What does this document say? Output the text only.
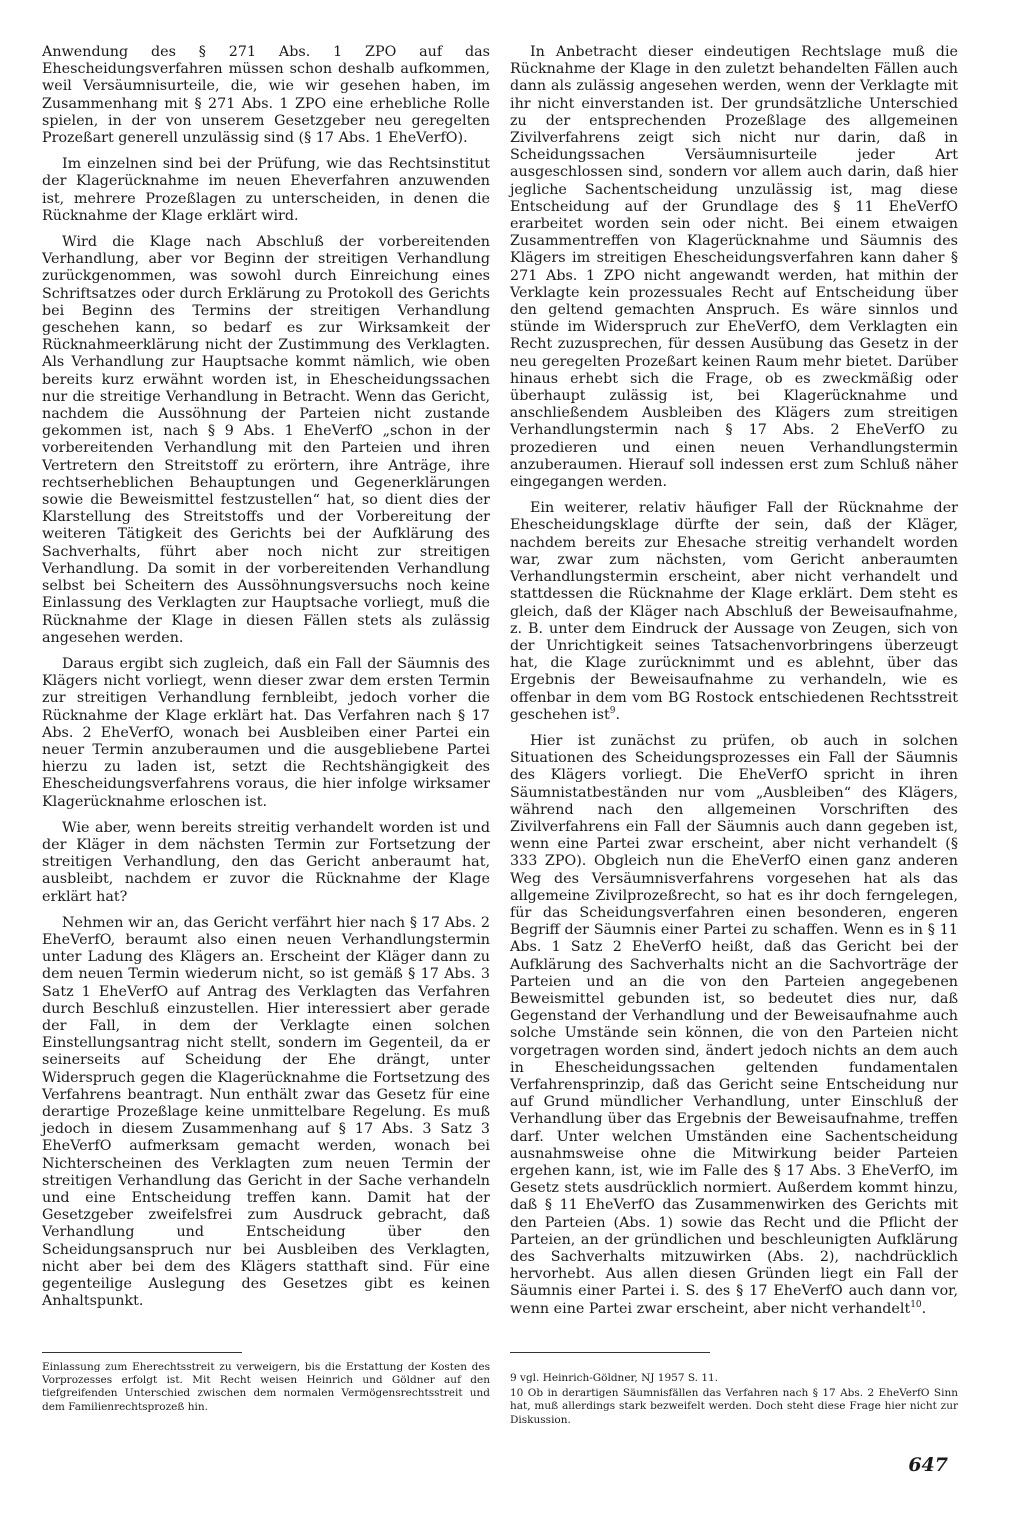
Anwendung des § 271 Abs. 1 ZPO auf das Ehescheidungsverfahren müssen schon deshalb aufkommen, weil Versäumnisurteile, die, wie wir gesehen haben, im Zusammenhang mit § 271 Abs. 1 ZPO eine erhebliche Rolle spielen, in der von unserem Gesetzgeber neu geregelten Prozeßart generell unzulässig sind (§ 17 Abs. 1 EheVerfO).

Im einzelnen sind bei der Prüfung, wie das Rechtsinstitut der Klagerücknahme im neuen Eheverfahren anzuwenden ist, mehrere Prozeßlagen zu unterscheiden, in denen die Rücknahme der Klage erklärt wird.

Wird die Klage nach Abschluß der vorbereitenden Verhandlung, aber vor Beginn der streitigen Verhandlung zurückgenommen, was sowohl durch Einreichung eines Schriftsatzes oder durch Erklärung zu Protokoll des Gerichts bei Beginn des Termins der streitigen Verhandlung geschehen kann, so bedarf es zur Wirksamkeit der Rücknahmeerklärung nicht der Zustimmung des Verklagten. Als Verhandlung zur Hauptsache kommt nämlich, wie oben bereits kurz erwähnt worden ist, in Ehescheidungssachen nur die streitige Verhandlung in Betracht. Wenn das Gericht, nachdem die Aussöhnung der Parteien nicht zustande gekommen ist, nach § 9 Abs. 1 EheVerfO „schon in der vorbereitenden Verhandlung mit den Parteien und ihren Vertretern den Streitstoff zu erörtern, ihre Anträge, ihre rechtserheblichen Behauptungen und Gegenerklärungen sowie die Beweismittel festzustellen“ hat, so dient dies der Klarstellung des Streitstoffs und der Vorbereitung der weiteren Tätigkeit des Gerichts bei der Aufklärung des Sachverhalts, führt aber noch nicht zur streitigen Verhandlung. Da somit in der vorbereitenden Verhandlung selbst bei Scheitern des Aussöhnungsversuchs noch keine Einlassung des Verklagten zur Hauptsache vorliegt, muß die Rücknahme der Klage in diesen Fällen stets als zulässig angesehen werden.

Daraus ergibt sich zugleich, daß ein Fall der Säumnis des Klägers nicht vorliegt, wenn dieser zwar dem ersten Termin zur streitigen Verhandlung fernbleibt, jedoch vorher die Rücknahme der Klage erklärt hat. Das Verfahren nach § 17 Abs. 2 EheVerfO, wonach bei Ausbleiben einer Partei ein neuer Termin anzuberaumen und die ausgebliebene Partei hierzu zu laden ist, setzt die Rechtshängigkeit des Ehescheidungsverfahrens voraus, die hier infolge wirksamer Klagerücknahme erloschen ist.

Wie aber, wenn bereits streitig verhandelt worden ist und der Kläger in dem nächsten Termin zur Fortsetzung der streitigen Verhandlung, den das Gericht anberaumt hat, ausbleibt, nachdem er zuvor die Rücknahme der Klage erklärt hat?

Nehmen wir an, das Gericht verfährt hier nach § 17 Abs. 2 EheVerfO, beraumt also einen neuen Verhandlungstermin unter Ladung des Klägers an. Erscheint der Kläger dann zu dem neuen Termin wiederum nicht, so ist gemäß § 17 Abs. 3 Satz 1 EheVerfO auf Antrag des Verklagten das Verfahren durch Beschluß einzustellen. Hier interessiert aber gerade der Fall, in dem der Verklagte einen solchen Einstellungsantrag nicht stellt, sondern im Gegenteil, da er seinerseits auf Scheidung der Ehe drängt, unter Widerspruch gegen die Klagerücknahme die Fortsetzung des Verfahrens beantragt. Nun enthält zwar das Gesetz für eine derartige Prozeßlage keine unmittelbare Regelung. Es muß jedoch in diesem Zusammenhang auf § 17 Abs. 3 Satz 3 EheVerfO aufmerksam gemacht werden, wonach bei Nichterscheinen des Verklagten zum neuen Termin der streitigen Verhandlung das Gericht in der Sache verhandeln und eine Entscheidung treffen kann. Damit hat der Gesetzgeber zweifelsfrei zum Ausdruck gebracht, daß Verhandlung und Entscheidung über den Scheidungsanspruch nur bei Ausbleiben des Verklagten, nicht aber bei dem des Klägers statthaft sind. Für eine gegenteilige Auslegung des Gesetzes gibt es keinen Anhaltspunkt.

In Anbetracht dieser eindeutigen Rechtslage muß die Rücknahme der Klage in den zuletzt behandelten Fällen auch dann als zulässig angesehen werden, wenn der Verklagte mit ihr nicht einverstanden ist. Der grundsätzliche Unterschied zu der entsprechenden Prozeßlage des allgemeinen Zivilverfahrens zeigt sich nicht nur darin, daß in Scheidungssachen Versäumnisurteile jeder Art ausgeschlossen sind, sondern vor allem auch darin, daß hier jegliche Sachentscheidung unzulässig ist, mag diese Entscheidung auf der Grundlage des § 11 EheVerfO erarbeitet worden sein oder nicht. Bei einem etwaigen Zusammentreffen von Klagerücknahme und Säumnis des Klägers im streitigen Ehescheidungsverfahren kann daher § 271 Abs. 1 ZPO nicht angewandt werden, hat mithin der Verklagte kein prozessuales Recht auf Entscheidung über den geltend gemachten Anspruch. Es wäre sinnlos und stünde im Widerspruch zur EheVerfO, dem Verklagten ein Recht zuzusprechen, für dessen Ausübung das Gesetz in der neu geregelten Prozeßart keinen Raum mehr bietet. Darüber hinaus erhebt sich die Frage, ob es zweckmäßig oder überhaupt zulässig ist, bei Klagerücknahme und anschließendem Ausbleiben des Klägers zum streitigen Verhandlungstermin nach § 17 Abs. 2 EheVerfO zu prozedieren und einen neuen Verhandlungstermin anzuberaumen. Hierauf soll indessen erst zum Schluß näher eingegangen werden.

Ein weiterer, relativ häufiger Fall der Rücknahme der Ehescheidungsklage dürfte der sein, daß der Kläger, nachdem bereits zur Ehesache streitig verhandelt worden war, zwar zum nächsten, vom Gericht anberaumten Verhandlungstermin erscheint, aber nicht verhandelt und stattdessen die Rücknahme der Klage erklärt. Dem steht es gleich, daß der Kläger nach Abschluß der Beweisaufnahme, z. B. unter dem Eindruck der Aussage von Zeugen, sich von der Unrichtigkeit seines Tatsachenvorbringens überzeugt hat, die Klage zurücknimmt und es ablehnt, über das Ergebnis der Beweisaufnahme zu verhandeln, wie es offenbar in dem vom BG Rostock entschiedenen Rechtsstreit geschehen ist$^9$.

Hier ist zunächst zu prüfen, ob auch in solchen Situationen des Scheidungsprozesses ein Fall der Säumnis des Klägers vorliegt. Die EheVerfO spricht in ihren Säumnistatbeständen nur vom „Ausbleiben“ des Klägers, während nach den allgemeinen Vorschriften des Zivilverfahrens ein Fall der Säumnis auch dann gegeben ist, wenn eine Partei zwar erscheint, aber nicht verhandelt (§ 333 ZPO). Obgleich nun die EheVerfO einen ganz anderen Weg des Versäumnisverfahrens vorgesehen hat als das allgemeine Zivilprozeßrecht, so hat es ihr doch ferngelegen, für das Scheidungsverfahren einen besonderen, engeren Begriff der Säumnis einer Partei zu schaffen. Wenn es in § 11 Abs. 1 Satz 2 EheVerfO heißt, daß das Gericht bei der Aufklärung des Sachverhalts nicht an die Sachvorträge der Parteien und an die von den Parteien angegebenen Beweismittel gebunden ist, so bedeutet dies nur, daß Gegenstand der Verhandlung und der Beweisaufnahme auch solche Umstände sein können, die von den Parteien nicht vorgetragen worden sind, ändert jedoch nichts an dem auch in Ehescheidungssachen geltenden fundamentalen Verfahrensprinzip, daß das Gericht seine Entscheidung nur auf Grund mündlicher Verhandlung, unter Einschluß der Verhandlung über das Ergebnis der Beweisaufnahme, treffen darf. Unter welchen Umständen eine Sachentscheidung ausnahmsweise ohne die Mitwirkung beider Parteien ergehen kann, ist, wie im Falle des § 17 Abs. 3 EheVerfO, im Gesetz stets ausdrücklich normiert. Außerdem kommt hinzu, daß § 11 EheVerfO das Zusammenwirken des Gerichts mit den Parteien (Abs. 1) sowie das Recht und die Pflicht der Parteien, an der gründlichen und beschleunigten Aufklärung des Sachverhalts mitzuwirken (Abs. 2), nachdrücklich hervorhebt. Aus allen diesen Gründen liegt ein Fall der Säumnis einer Partei i. S. des § 17 EheVerfO auch dann vor, wenn eine Partei zwar erscheint, aber nicht verhandelt$^{10}$.

Einlassung zum Eherechtsstreit zu verweigern, bis die Erstattung der Kosten des Vorprozesses erfolgt ist. Mit Recht weisen Heinrich und Göldner auf den tiefgreifenden Unterschied zwischen dem normalen Vermögensrechtsstreit und dem Familienrechtsprozeß hin.

9 vgl. Heinrich-Göldner, NJ 1957 S. 11.

10 Ob in derartigen Säumnisfällen das Verfahren nach § 17 Abs. 2 EheVerfO Sinn hat, muß allerdings stark bezweifelt werden. Doch steht diese Frage hier nicht zur Diskussion.

647
